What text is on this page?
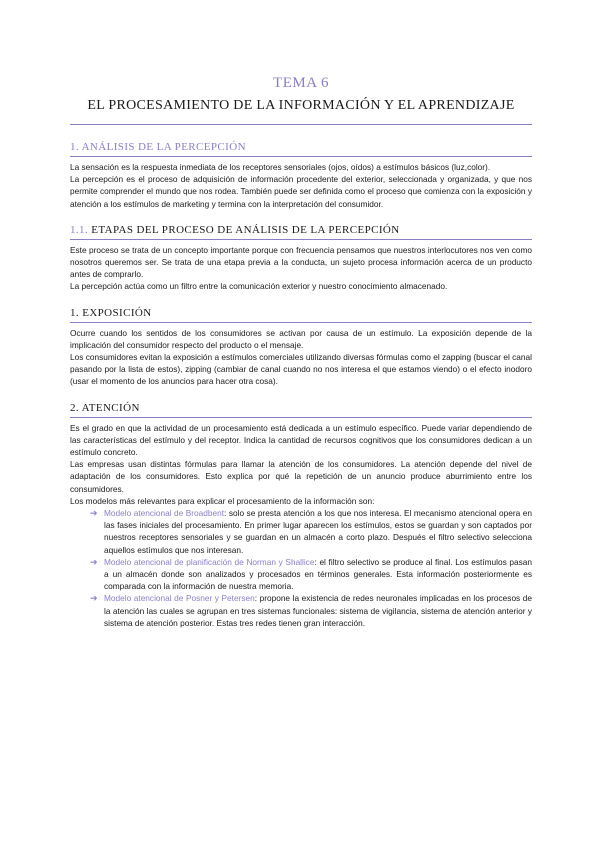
TEMA 6
EL PROCESAMIENTO DE LA INFORMACIÓN Y EL APRENDIZAJE
1. ANÁLISIS DE LA PERCEPCIÓN

La sensación es la respuesta inmediata de los receptores sensoriales (ojos, oídos) a estímulos básicos (luz,color).

La percepción es el proceso de adquisición de información procedente del exterior, seleccionada y organizada, y que nos permite comprender el mundo que nos rodea. También puede ser definida como el proceso que comienza con la exposición y atención a los estímulos de marketing y termina con la interpretación del consumidor.

1.1. ETAPAS DEL PROCESO DE ANÁLISIS DE LA PERCEPCIÓN

Este proceso se trata de un concepto importante porque con frecuencia pensamos que nuestros interlocutores nos ven como nosotros queremos ser. Se trata de una etapa previa a la conducta, un sujeto procesa información acerca de un producto antes de comprarlo.

La percepción actúa como un filtro entre la comunicación exterior y nuestro conocimiento almacenado.

1. EXPOSICIÓN

Ocurre cuando los sentidos de los consumidores se activan por causa de un estímulo. La exposición depende de la implicación del consumidor respecto del producto o el mensaje.

Los consumidores evitan la exposición a estímulos comerciales utilizando diversas fórmulas como el zapping (buscar el canal pasando por la lista de estos), zipping (cambiar de canal cuando no nos interesa el que estamos viendo) o el efecto inodoro (usar el momento de los anuncios para hacer otra cosa).

2. ATENCIÓN

Es el grado en que la actividad de un procesamiento está dedicada a un estímulo específico. Puede variar dependiendo de las características del estímulo y del receptor. Indica la cantidad de recursos cognitivos que los consumidores dedican a un estímulo concreto.

Las empresas usan distintas fórmulas para llamar la atención de los consumidores. La atención depende del nivel de adaptación de los consumidores. Esto explica por qué la repetición de un anuncio produce aburrimiento entre los consumidores.

Los modelos más relevantes para explicar el procesamiento de la información son:

➔ Modelo atencional de Broadbent: solo se presta atención a los que nos interesa. El mecanismo atencional opera en las fases iniciales del procesamiento. En primer lugar aparecen los estímulos, estos se guardan y son captados por nuestros receptores sensoriales y se guardan en un almacén a corto plazo. Después el filtro selectivo selecciona aquellos estímulos que nos interesan.
➔ Modelo atencional de planificación de Norman y Shallice: el filtro selectivo se produce al final. Los estímulos pasan a un almacén donde son analizados y procesados en términos generales. Esta información posteriormente es comparada con la información de nuestra memoria.
➔ Modelo atencional de Posner y Petersen: propone la existencia de redes neuronales implicadas en los procesos de la atención las cuales se agrupan en tres sistemas funcionales: sistema de vigilancia, sistema de atención anterior y sistema de atención posterior. Estas tres redes tienen gran interacción.
